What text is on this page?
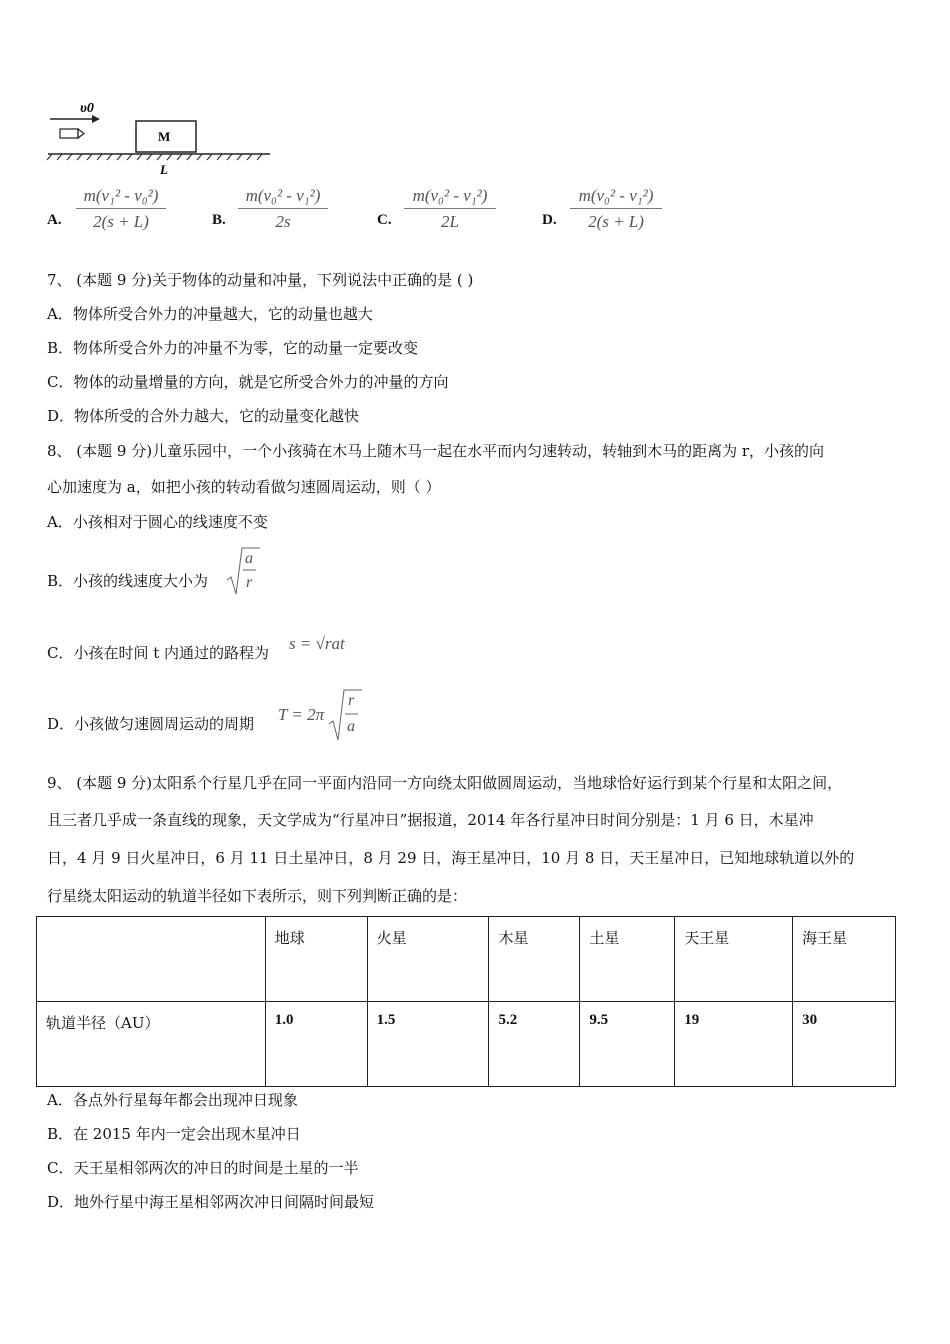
υ0
M
L
A. $\frac{\text{m(v₁² - v₀²)}}{2(s + L)}$	B. $\frac{\text{m(v₀² - v₁²)}}{2s}$	C. $\frac{\text{m(v₀² - v₁²)}}{2L}$	D. $\frac{\text{m(v₀² - v₁²)}}{2(s + L)}$
7、 (本题 9 分)关于物体的动量和冲量，下列说法中正确的是 ( )
A．物体所受合外力的冲量越大，它的动量也越大
B．物体所受合外力的冲量不为零，它的动量一定要改变
C．物体的动量增量的方向，就是它所受合外力的冲量的方向
D．物体所受的合外力越大，它的动量变化越快
8、 (本题 9 分)儿童乐园中，一个小孩骑在木马上随木马一起在水平而内匀速转动，转轴到木马的距离为 r，小孩的向
心加速度为 a，如把小孩的转动看做匀速圆周运动，则（ ）
A．小孩相对于圆心的线速度不变
B．小孩的线速度大小为
a
r
C．小孩在时间 t 内通过的路程为 s = √rat
D．小孩做匀速圆周运动的周期 T = 2π
r
a
9、 (本题 9 分)太阳系个行星几乎在同一平面内沿同一方向绕太阳做圆周运动，当地球恰好运行到某个行星和太阳之间，
且三者几乎成一条直线的现象，天文学成为“行星冲日”据报道，2014 年各行星冲日时间分别是：1 月 6 日，木星冲
日，4 月 9 日火星冲日，6 月 11 日土星冲日，8 月 29 日，海王星冲日，10 月 8 日，天王星冲日，已知地球轨道以外的
行星绕太阳运动的轨道半径如下表所示，则下列判断正确的是：
	地球	火星	木星	土星	天王星	海王星
轨道半径（AU）	1.0	1.5	5.2	9.5	19	30
A．各点外行星每年都会出现冲日现象
B．在 2015 年内一定会出现木星冲日
C．天王星相邻两次的冲日的时间是土星的一半
D．地外行星中海王星相邻两次冲日间隔时间最短
